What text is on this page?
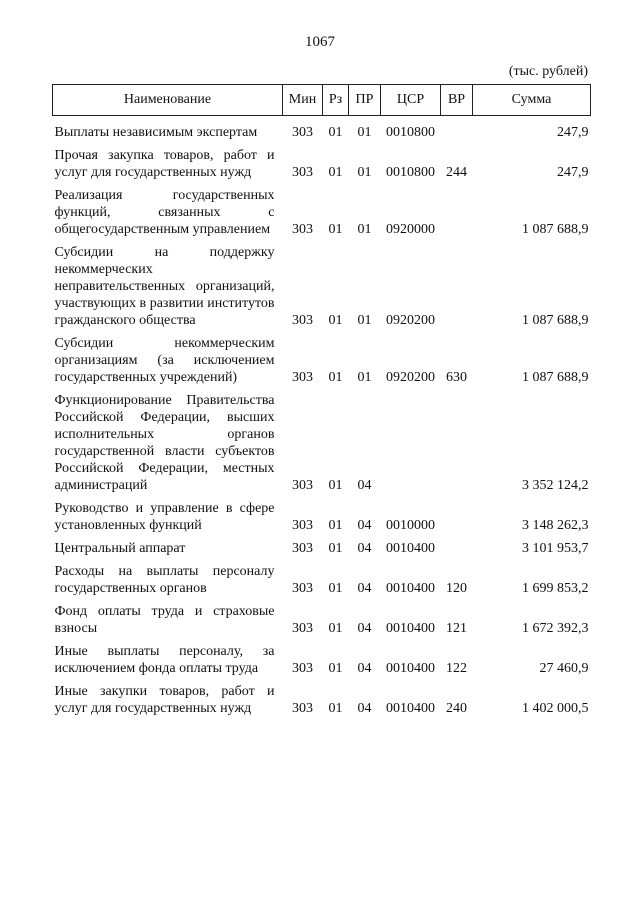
1067
(тыс. рублей)
Наименование	Мин	Рз	ПР	ЦСР	ВР	Сумма
Выплаты независимым экспертам	303	01	01	0010800		247,9
Прочая закупка товаров, работ и услуг для государственных нужд	303	01	01	0010800	244	247,9
Реализация государственных функций, связанных с общегосударственным управлением	303	01	01	0920000		1 087 688,9
Субсидии на поддержку некоммерческих неправительственных организаций, участвующих в развитии институтов гражданского общества	303	01	01	0920200		1 087 688,9
Субсидии некоммерческим организациям (за исключением государственных учреждений)	303	01	01	0920200	630	1 087 688,9
Функционирование Правительства Российской Федерации, высших исполнительных органов государственной власти субъектов Российской Федерации, местных администраций	303	01	04			3 352 124,2
Руководство и управление в сфере установленных функций	303	01	04	0010000		3 148 262,3
Центральный аппарат	303	01	04	0010400		3 101 953,7
Расходы на выплаты персоналу государственных органов	303	01	04	0010400	120	1 699 853,2
Фонд оплаты труда и страховые взносы	303	01	04	0010400	121	1 672 392,3
Иные выплаты персоналу, за исключением фонда оплаты труда	303	01	04	0010400	122	27 460,9
Иные закупки товаров, работ и услуг для государственных нужд	303	01	04	0010400	240	1 402 000,5
